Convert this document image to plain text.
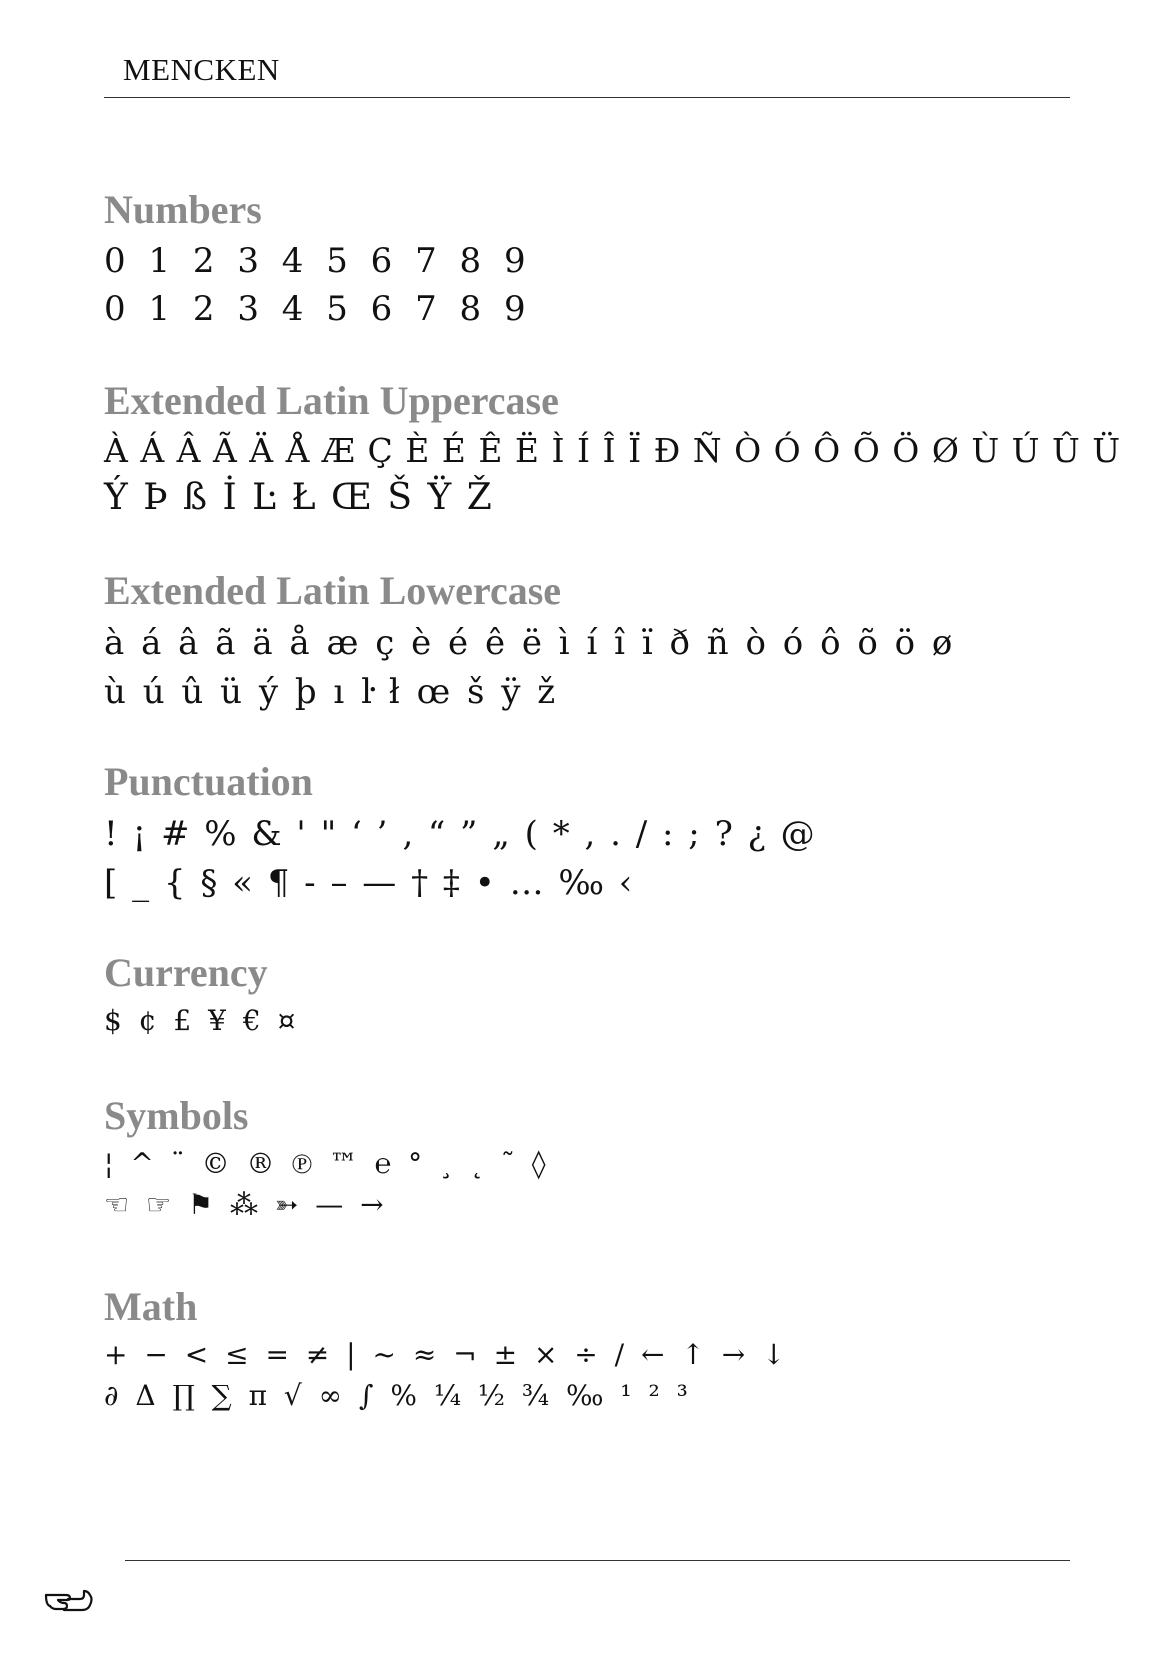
MENCKEN
Numbers
0 1 2 3 4 5 6 7 8 9
0 1 2 3 4 5 6 7 8 9
Extended Latin Uppercase
À Á Â Ã Ä Å Æ Ç È É Ê Ë Ì Í Î Ï Ð Ñ Ò Ó Ô Õ Ö Ø Ù Ú Û Ü
Ý Þ ß İ Ŀ Ł Œ Š Ÿ Ž
Extended Latin Lowercase
à á â ã ä å æ ç è é ê ë ì í î ï ð ñ ò ó ô õ ö ø
ù ú û ü ý þ ı ŀ ł œ š ÿ ž
Punctuation
! ¡ # % & ' " ‘ ’ ‚ “ ” „ ( * , . / : ; ? ¿ @
[ _ { § « ¶ - – — † ‡ • … ‰ ‹
Currency
$ ¢ £ ¥ € ¤
Symbols
¦ ^ ¨ © ® ℗ ™ ℮ ° ¸ ˛ ˜ ◊
☜ ☞ ⚑ ⁂ ➳ — →
Math
+ − < ≤ = ≠ | ~ ≈ ¬ ± × ÷ / ← ↑ → ↓
∂ Δ ∏ ∑ π √ ∞ ∫ % ¼ ½ ¾ ‰ ¹ ² ³
